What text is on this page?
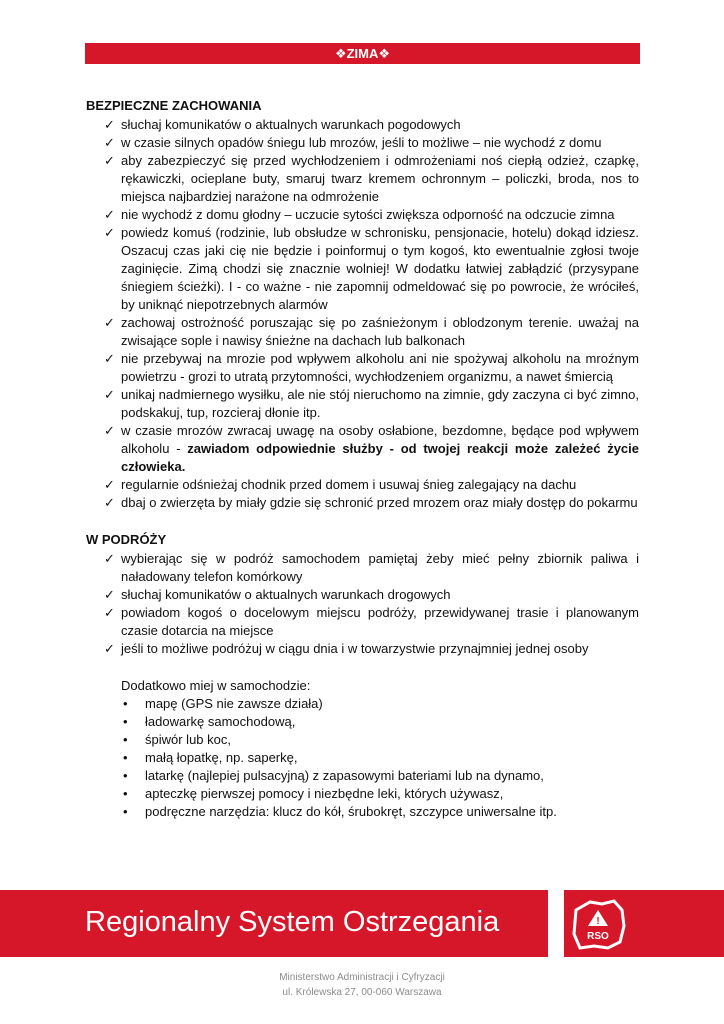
❖ZIMA❖
BEZPIECZNE ZACHOWANIA
✓ słuchaj komunikatów o aktualnych warunkach pogodowych
✓ w czasie silnych opadów śniegu lub mrozów, jeśli to możliwe – nie wychodź z domu
✓ aby zabezpieczyć się przed wychłodzeniem i odmrożeniami noś ciepłą odzież, czapkę, rękawiczki, ocieplane buty, smaruj twarz kremem ochronnym – policzki, broda, nos to miejsca najbardziej narażone na odmrożenie
✓ nie wychodź z domu głodny – uczucie sytości zwiększa odporność na odczucie zimna
✓ powiedz komuś (rodzinie, lub obsłudze w schronisku, pensjonacie, hotelu) dokąd idziesz. Oszacuj czas jaki cię nie będzie i poinformuj o tym kogoś, kto ewentualnie zgłosi twoje zaginięcie. Zimą chodzi się znacznie wolniej! W dodatku łatwiej zabłądzić (przysypane śniegiem ścieżki). I - co ważne - nie zapomnij odmeldować się po powrocie, że wróciłeś, by uniknąć niepotrzebnych alarmów
✓ zachowaj ostrożność poruszając się po zaśnieżonym i oblodzonym terenie. uważaj na zwisające sople i nawisy śnieżne na dachach lub balkonach
✓ nie przebywaj na mrozie pod wpływem alkoholu ani nie spożywaj alkoholu na mroźnym powietrzu - grozi to utratą przytomności, wychłodzeniem organizmu, a nawet śmiercią
✓ unikaj nadmiernego wysiłku, ale nie stój nieruchomo na zimnie, gdy zaczyna ci być zimno, podskakuj, tup, rozcieraj dłonie itp.
✓ w czasie mrozów zwracaj uwagę na osoby osłabione, bezdomne, będące pod wpływem alkoholu - zawiadom odpowiednie służby - od twojej reakcji może zależeć życie człowieka.
✓ regularnie odśnieżaj chodnik przed domem i usuwaj śnieg zalegający na dachu
✓ dbaj o zwierzęta by miały gdzie się schronić przed mrozem oraz miały dostęp do pokarmu
W PODRÓŻY
✓ wybierając się w podróż samochodem pamiętaj żeby mieć pełny zbiornik paliwa i naładowany telefon komórkowy
✓ słuchaj komunikatów o aktualnych warunkach drogowych
✓ powiadom kogoś o docelowym miejscu podróży, przewidywanej trasie i planowanym czasie dotarcia na miejsce
✓ jeśli to możliwe podróżuj w ciągu dnia i w towarzystwie przynajmniej jednej osoby
Dodatkowo miej w samochodzie:
• mapę (GPS nie zawsze działa)
• ładowarkę samochodową,
• śpiwór lub koc,
• małą łopatkę, np. saperkę,
• latarkę (najlepiej pulsacyjną) z zapasowymi bateriami lub na dynamo,
• apteczkę pierwszej pomocy i niezbędne leki, których używasz,
• podręczne narzędzia: klucz do kół, śrubokręt, szczypce uniwersalne itp.
Regionalny System Ostrzegania	!
RSO
Ministerstwo Administracji i Cyfryzacji
ul. Królewska 27, 00-060 Warszawa
